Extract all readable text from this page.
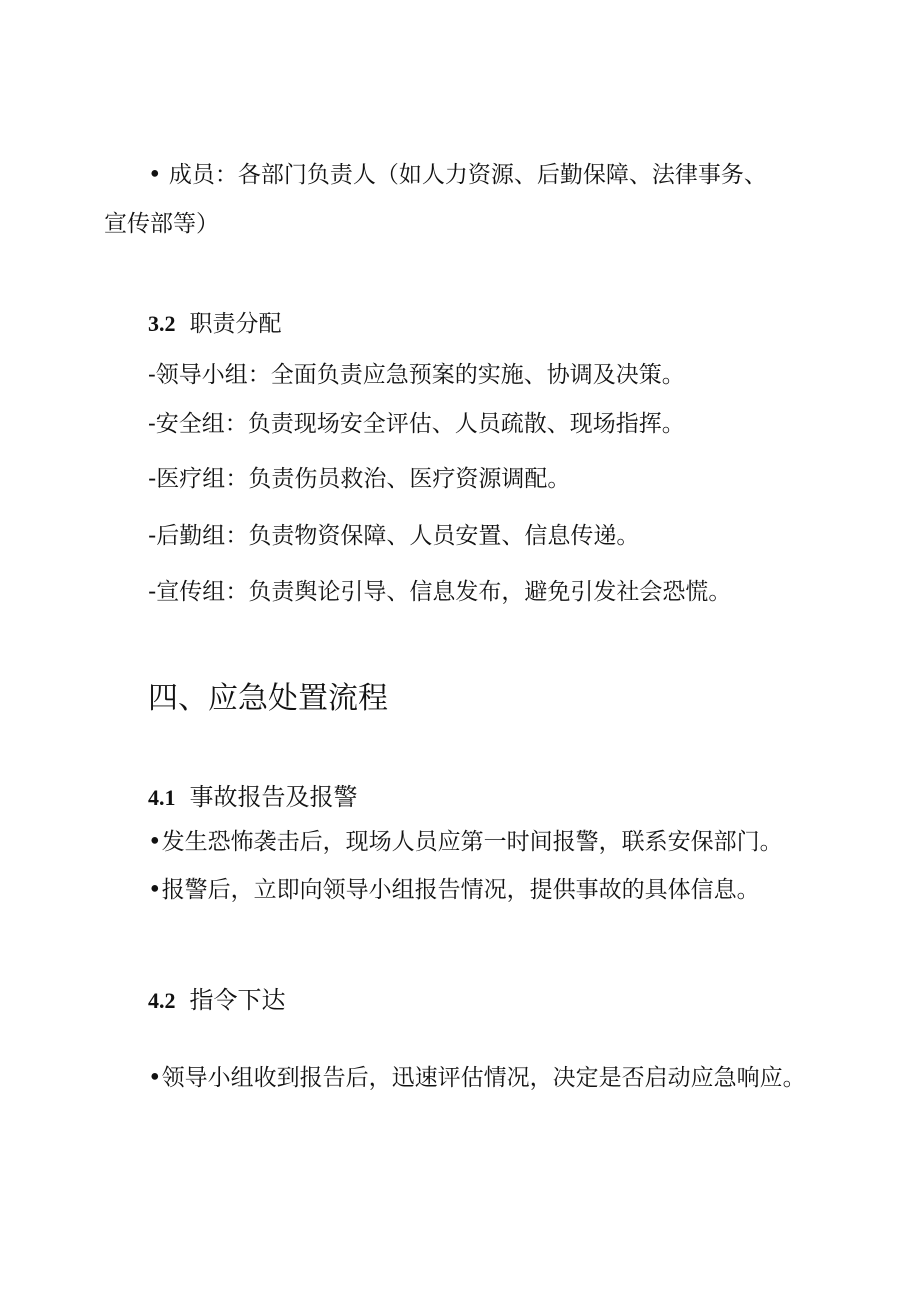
• 成员：各部门负责人（如人力资源、后勤保障、法律事务、
宣传部等）
3.2 职责分配
-领导小组：全面负责应急预案的实施、协调及决策。
-安全组：负责现场安全评估、人员疏散、现场指挥。
-医疗组：负责伤员救治、医疗资源调配。
-后勤组：负责物资保障、人员安置、信息传递。
-宣传组：负责舆论引导、信息发布，避免引发社会恐慌。
四、应急处置流程
4.1 事故报告及报警
•发生恐怖袭击后，现场人员应第一时间报警，联系安保部门。
•报警后，立即向领导小组报告情况，提供事故的具体信息。
4.2 指令下达
•领导小组收到报告后，迅速评估情况，决定是否启动应急响应。
